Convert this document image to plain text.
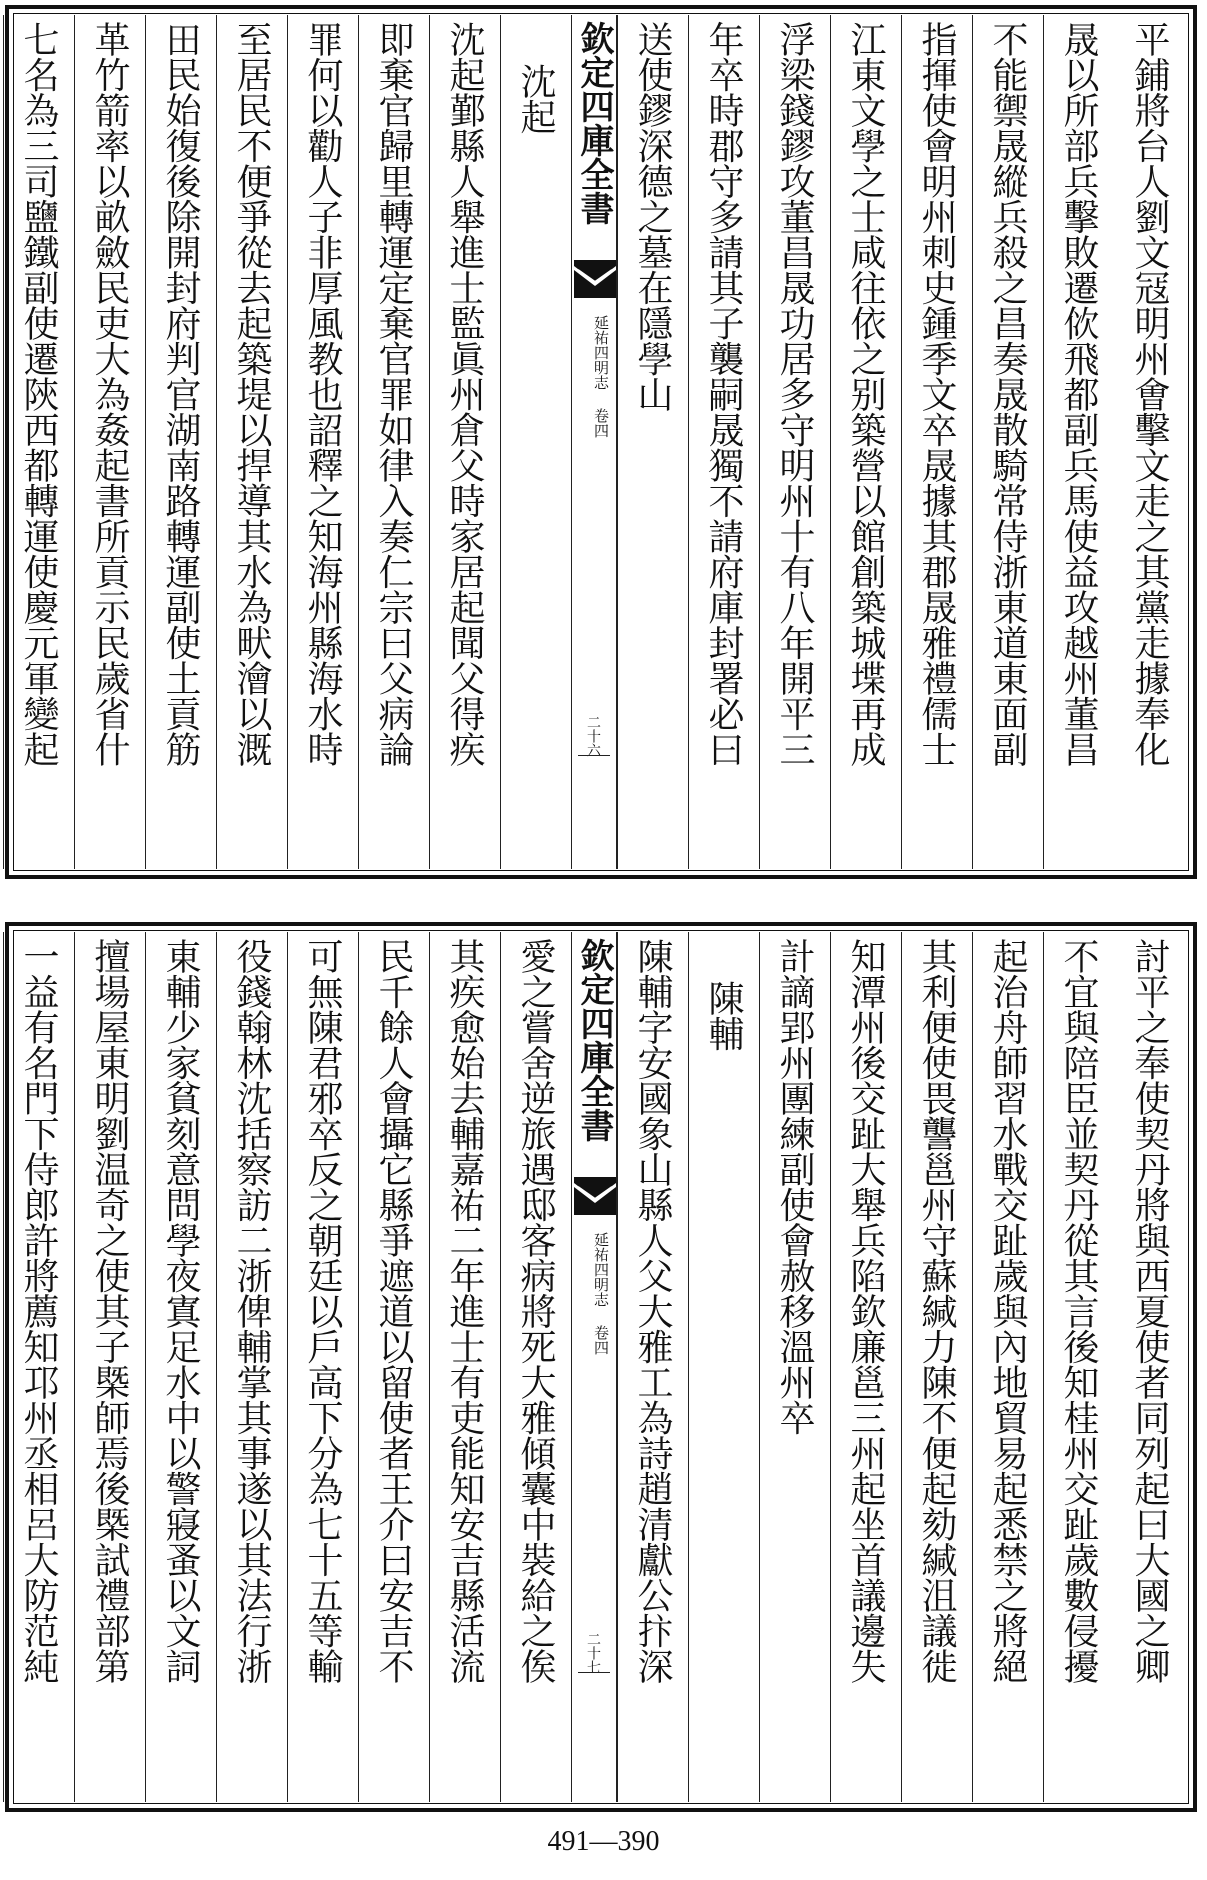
平鋪將台人劉文冦明州㑹擊文走之其黨走據奉化
晟以所部兵擊敗遷佽飛都副兵馬使益攻越州董昌
不能禦晟縱兵殺之昌奏晟散騎常侍浙東道東面副
指揮使會明州刺史鍾季文卒晟據其郡晟雅禮儒士
江東文學之士咸往依之别築營以館創築城堞再成
浮梁錢鏐攻董昌晟功居多守明州十有八年開平三
年卒時郡守多請其子襲嗣晟獨不請府庫封署必曰
送使鏐深德之墓在隱學山
欽定四庫全書
延祐四明志 卷四
二十六
沈起
沈起鄞縣人舉進士監眞州倉父時家居起聞父得疾
即棄官歸里轉運定棄官罪如律入奏仁宗曰父病論
罪何以勸人子非厚風教也詔釋之知海州縣海水時
至居民不便爭從去起築堤以捍導其水為畎澮以溉
田民始復後除開封府判官湖南路轉運副使土貢筋
革竹箭率以畝斂民吏大為姦起書所貢示民歲省什
七名為三司鹽鐵副使遷陝西都轉運使慶元軍變起
討平之奉使契丹將與西夏使者同列起曰大國之卿
不宜與陪臣並契丹從其言後知桂州交趾歲數侵擾
起治舟師習水戰交趾歲與內地貿易起悉禁之將絕
其利便使畏讋邕州守蘇緘力陳不便起劾緘沮議徙
知潭州後交趾大舉兵陷欽廉邕三州起坐首議邊失
計謫郢州團練副使會赦移溫州卒
陳輔
陳輔字安國象山縣人父大雅工為詩趙清獻公抃深
欽定四庫全書
延祐四明志 卷四
二十七
愛之嘗舍逆旅遇邸客病將死大雅傾囊中裝給之俟
其疾愈始去輔嘉祐二年進士有吏能知安吉縣活流
民千餘人會攝它縣爭遮道以留使者王介曰安吉不
可無陳君邪卒反之朝廷以戶高下分為七十五等輸
役錢翰林沈括察訪二浙俾輔掌其事遂以其法行浙
東輔少家貧刻意問學夜寘足水中以警寢蚤以文詞
擅場屋東明劉温奇之使其子槩師焉後槩試禮部第
一益有名門下侍郎許將薦知邛州丞相呂大防范純
491—390
